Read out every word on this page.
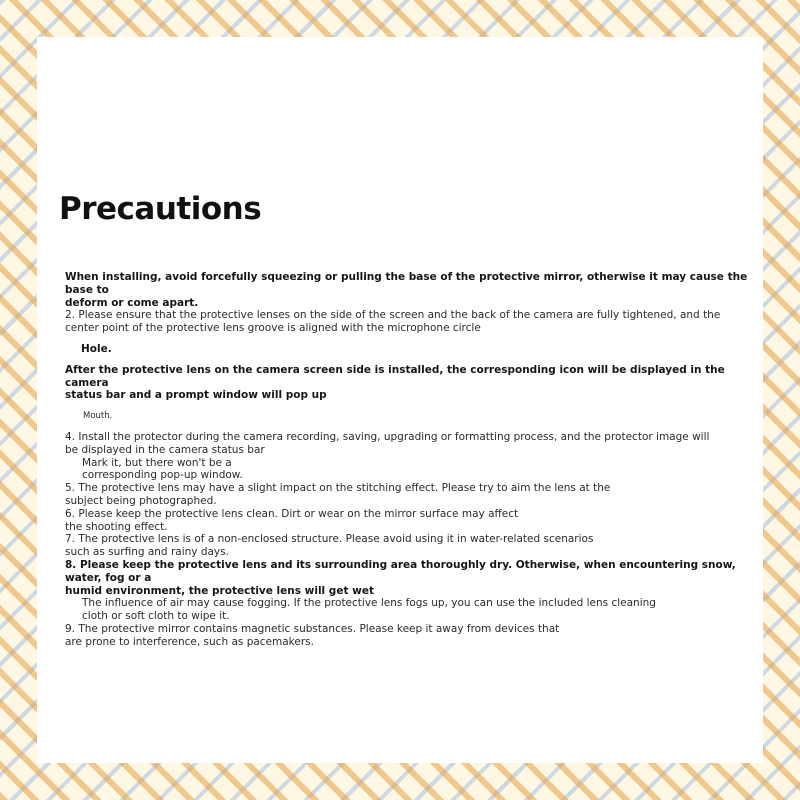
Precautions

When installing, avoid forcefully squeezing or pulling the base of the protective mirror, otherwise it may cause the base to
deform or come apart.

2. Please ensure that the protective lenses on the side of the screen and the back of the camera are fully tightened, and the
center point of the protective lens groove is aligned with the microphone circle

Hole.

After the protective lens on the camera screen side is installed, the corresponding icon will be displayed in the camera
status bar and a prompt window will pop up

Mouth.

4. Install the protector during the camera recording, saving, upgrading or formatting process, and the protector image will
be displayed in the camera status bar

Mark it, but there won't be a
corresponding pop-up window.

5. The protective lens may have a slight impact on the stitching effect. Please try to aim the lens at the
subject being photographed.

6. Please keep the protective lens clean. Dirt or wear on the mirror surface may affect
the shooting effect.

7. The protective lens is of a non-enclosed structure. Please avoid using it in water-related scenarios
such as surfing and rainy days.

8. Please keep the protective lens and its surrounding area thoroughly dry. Otherwise, when encountering snow, water, fog or a
humid environment, the protective lens will get wet

The influence of air may cause fogging. If the protective lens fogs up, you can use the included lens cleaning
cloth or soft cloth to wipe it.

9. The protective mirror contains magnetic substances. Please keep it away from devices that
are prone to interference, such as pacemakers.
